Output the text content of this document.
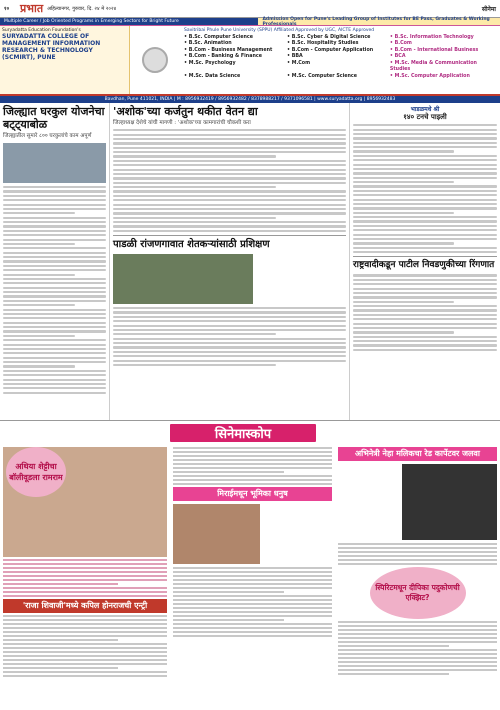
१० प्रभात अहिल्यानगर, गुरुवार, दि. २४ मे २०२४	सीनेमा
Multiple Career / Job Oriented Programs in Emerging Sectors for Bright Future	Admission Open for Pune's Leading Group of Institutes for BE Pass, Graduates & Working Professionals
Suryadatta Education Foundation's
SURYADATTA COLLEGE OF MANAGEMENT INFORMATION RESEARCH & TECHNOLOGY (SCMIRT), PUNE
Savitribai Phule Pune University (SPPU) Affiliated Approved by UGC, AICTE Approved
• B.Sc. Computer Science	• B.Sc. Cyber & Digital Science	• B.Sc. Information Technology
• B.Sc. Animation	• B.Sc. Hospitality Studies	• B.Com
• B.Com - Business Management	• B.Com - Computer Application	• B.Com - International Business
• B.Com - Banking & Finance	• BBA	• BCA
• M.Sc. Psychology	• M.Com	• M.Sc. Media & Communication Studies
• M.Sc. Data Science	• M.Sc. Computer Science	• M.Sc. Computer Application
Bavdhan, Pune 411021, INDIA | M : 8956932419 / 8956932482 / 8378988217 / 9371096581 | www.suryadatta.org | 8956932483
जिल्ह्यात घरकुल योजनेचा बट्ट्याबोळ
जिल्ह्यातील सुमारे ८०० घरकुलांचे काम अपूर्ण
'अशोक'च्या कर्जतुन थकीत वेतन द्या
जिल्हाध्यक्ष देशेचे यांची मागणी : 'अशोक'च्या कामगारांची चौकशी करा
पाडळी रांजणगावात शेतकऱ्यांसाठी प्रशिक्षण
भाडळमधे श्री
१४० टनचे पाइली
राष्ट्रवादीकडून पाटील निवडणुकीच्या रिंगणात
सिनेमास्कोप
अथिया शेट्टीचा बॉलीवूडला रामराम
'राजा शिवाजी'मध्ये कपिल होनराजची एन्ट्री
मिराईमधून भूमिका धनुष
अभिनेत्री नेहा मलिकचा रेड कार्पेटवर जलवा
स्पिरिटमधून दीपिका पदुकोणची एक्झिट?
